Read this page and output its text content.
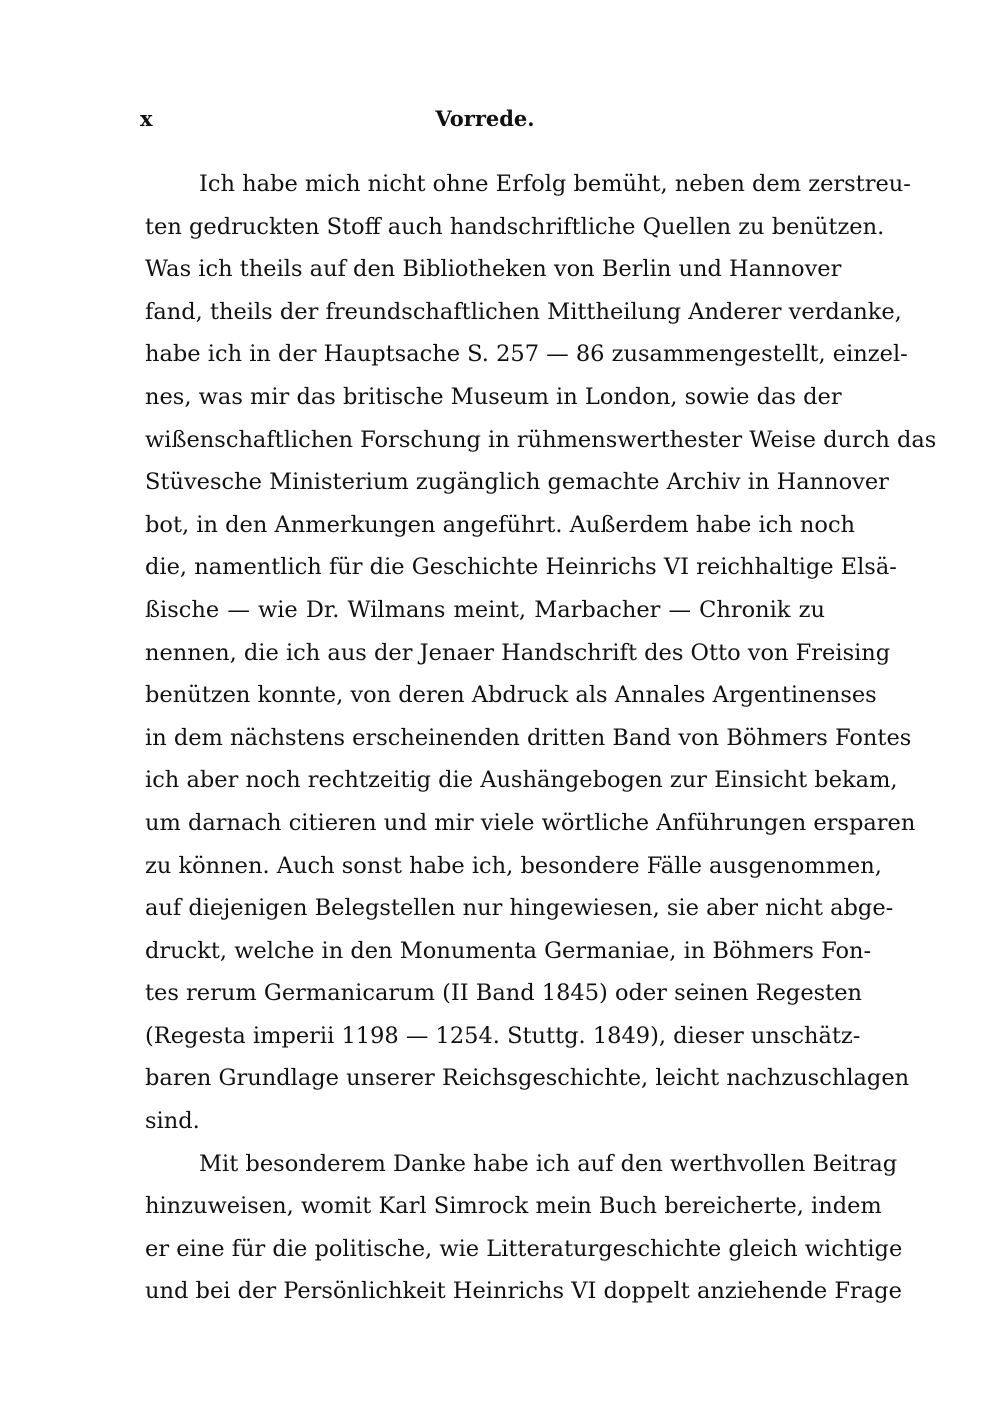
x	Vorrede.
Ich habe mich nicht ohne Erfolg bemüht, neben dem zerstreu-
ten gedruckten Stoff auch handschriftliche Quellen zu benützen.
Was ich theils auf den Bibliotheken von Berlin und Hannover
fand, theils der freundschaftlichen Mittheilung Anderer verdanke,
habe ich in der Hauptsache S. 257 — 86 zusammengestellt, einzel-
nes, was mir das britische Museum in London, sowie das der
wißenschaftlichen Forschung in rühmenswerthester Weise durch das
Stüvesche Ministerium zugänglich gemachte Archiv in Hannover
bot, in den Anmerkungen angeführt. Außerdem habe ich noch
die, namentlich für die Geschichte Heinrichs VI reichhaltige Elsä-
ßische — wie Dr. Wilmans meint, Marbacher — Chronik zu
nennen, die ich aus der Jenaer Handschrift des Otto von Freising
benützen konnte, von deren Abdruck als Annales Argentinenses
in dem nächstens erscheinenden dritten Band von Böhmers Fontes
ich aber noch rechtzeitig die Aushängebogen zur Einsicht bekam,
um darnach citieren und mir viele wörtliche Anführungen ersparen
zu können. Auch sonst habe ich, besondere Fälle ausgenommen,
auf diejenigen Belegstellen nur hingewiesen, sie aber nicht abge-
druckt, welche in den Monumenta Germaniae, in Böhmers Fon-
tes rerum Germanicarum (II Band 1845) oder seinen Regesten
(Regesta imperii 1198 — 1254. Stuttg. 1849), dieser unschätz-
baren Grundlage unserer Reichsgeschichte, leicht nachzuschlagen
sind.
Mit besonderem Danke habe ich auf den werthvollen Beitrag
hinzuweisen, womit Karl Simrock mein Buch bereicherte, indem
er eine für die politische, wie Litteraturgeschichte gleich wichtige
und bei der Persönlichkeit Heinrichs VI doppelt anziehende Frage
